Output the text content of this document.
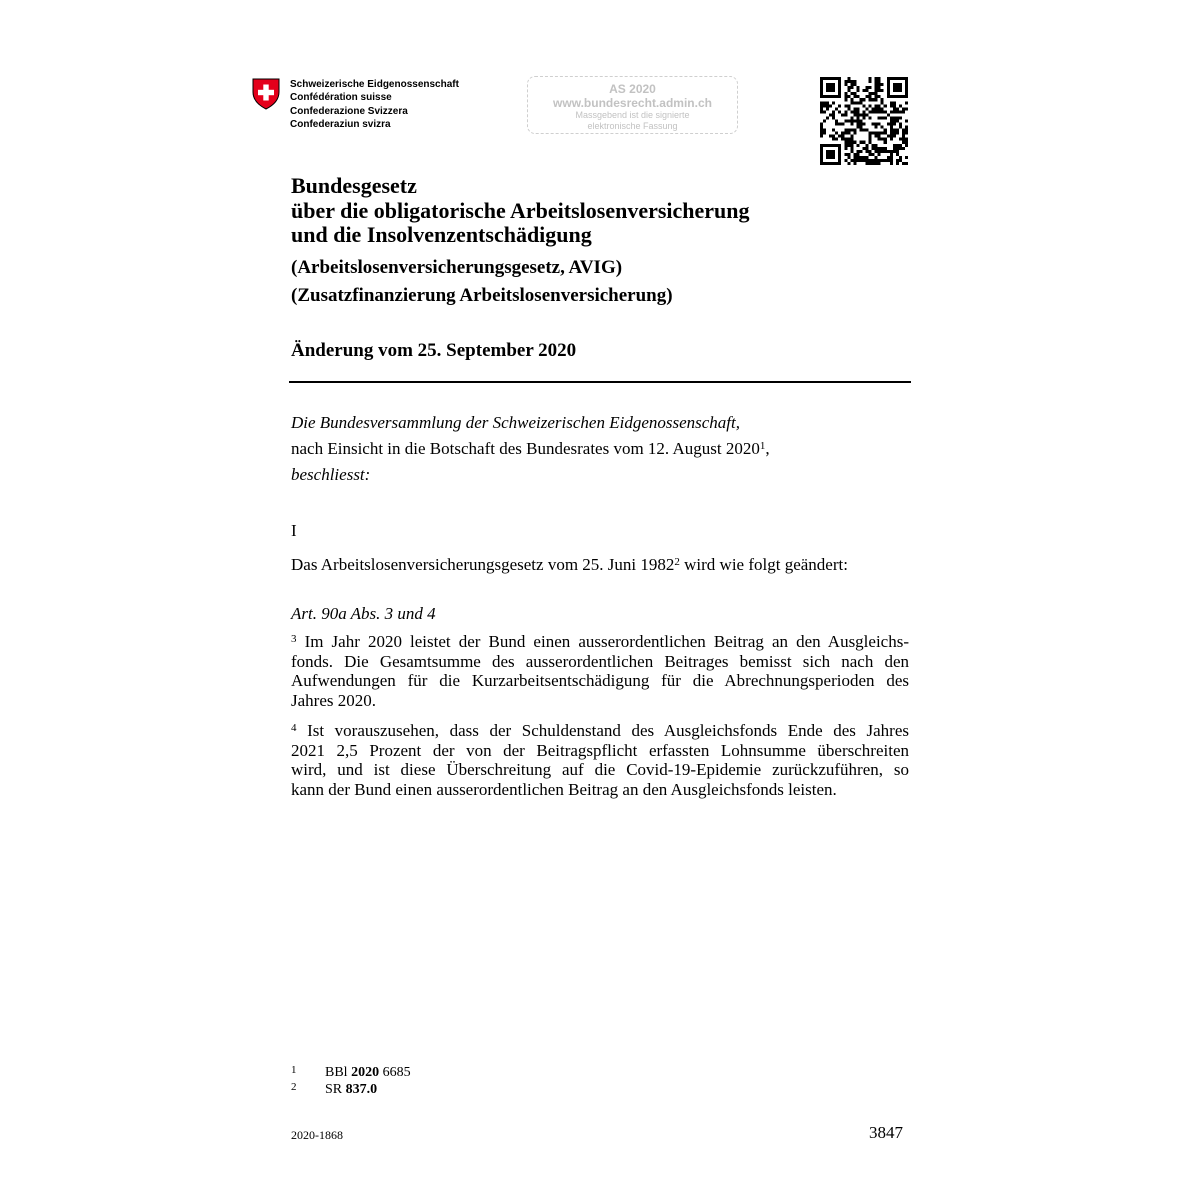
Schweizerische Eidgenossenschaft
Confédération suisse
Confederazione Svizzera
Confederaziun svizra
AS 2020
www.bundesrecht.admin.ch
Massgebend ist die signierte
elektronische Fassung
Bundesgesetz
über die obligatorische Arbeitslosenversicherung
und die Insolvenzentschädigung
(Arbeitslosenversicherungsgesetz, AVIG)
(Zusatzfinanzierung Arbeitslosenversicherung)
Änderung vom 25. September 2020
Die Bundesversammlung der Schweizerischen Eidgenossenschaft,
nach Einsicht in die Botschaft des Bundesrates vom 12. August 2020$^1$,
beschliesst:
I
Das Arbeitslosenversicherungsgesetz vom 25. Juni 1982$^2$ wird wie folgt geändert:
Art. 90a Abs. 3 und 4
$^3$ Im Jahr 2020 leistet der Bund einen ausserordentlichen Beitrag an den Ausgleichs-
fonds. Die Gesamtsumme des ausserordentlichen Beitrages bemisst sich nach den
Aufwendungen für die Kurzarbeitsentschädigung für die Abrechnungsperioden des
Jahres 2020.
$^4$ Ist vorauszusehen, dass der Schuldenstand des Ausgleichsfonds Ende des Jahres
2021 2,5 Prozent der von der Beitragspflicht erfassten Lohnsumme überschreiten
wird, und ist diese Überschreitung auf die Covid-19-Epidemie zurückzuführen, so
kann der Bund einen ausserordentlichen Beitrag an den Ausgleichsfonds leisten.
1 BBl 2020 6685
2 SR 837.0
2020-1868	3847
